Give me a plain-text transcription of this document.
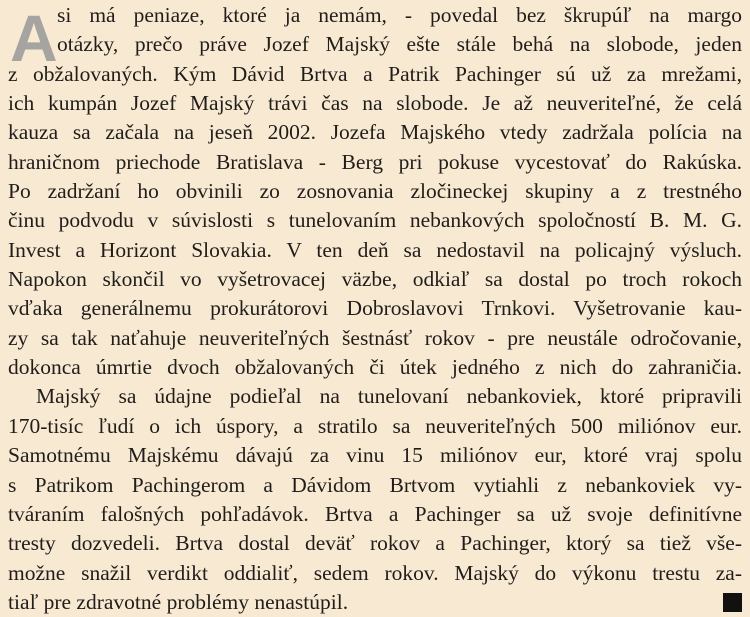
A si má peniaze, ktoré ja nemám, - povedal bez škrupúľ na margo
otázky, prečo práve Jozef Majský ešte stále behá na slobode, jeden
z obžalovaných. Kým Dávid Brtva a Patrik Pachinger sú už za mrežami,
ich kumpán Jozef Majský trávi čas na slobode. Je až neuveriteľné, že celá
kauza sa začala na jeseň 2002. Jozefa Majského vtedy zadržala polícia na
hraničnom priechode Bratislava - Berg pri pokuse vycestovať do Rakúska.
Po zadržaní ho obvinili zo zosnovania zločineckej skupiny a z trestného
činu podvodu v súvislosti s tunelovaním nebankových spoločností B. M. G.
Invest a Horizont Slovakia. V ten deň sa nedostavil na policajný výsluch.
Napokon skončil vo vyšetrovacej väzbe, odkiaľ sa dostal po troch rokoch
vďaka generálnemu prokurátorovi Dobroslavovi Trnkovi. Vyšetrovanie kau-
zy sa tak naťahuje neuveriteľných šestnásť rokov - pre neustále odročovanie,
dokonca úmrtie dvoch obžalovaných či útek jedného z nich do zahraničia.
Majský sa údajne podieľal na tunelovaní nebankoviek, ktoré pripravili
170-tisíc ľudí o ich úspory, a stratilo sa neuveriteľných 500 miliónov eur.
Samotnému Majskému dávajú za vinu 15 miliónov eur, ktoré vraj spolu
s Patrikom Pachingerom a Dávidom Brtvom vytiahli z nebankoviek vy-
tváraním falošných pohľadávok. Brtva a Pachinger sa už svoje definitívne
tresty dozvedeli. Brtva dostal deväť rokov a Pachinger, ktorý sa tiež vše-
možne snažil verdikt oddialiť, sedem rokov. Majský do výkonu trestu za-
tiaľ pre zdravotné problémy nenastúpil.
